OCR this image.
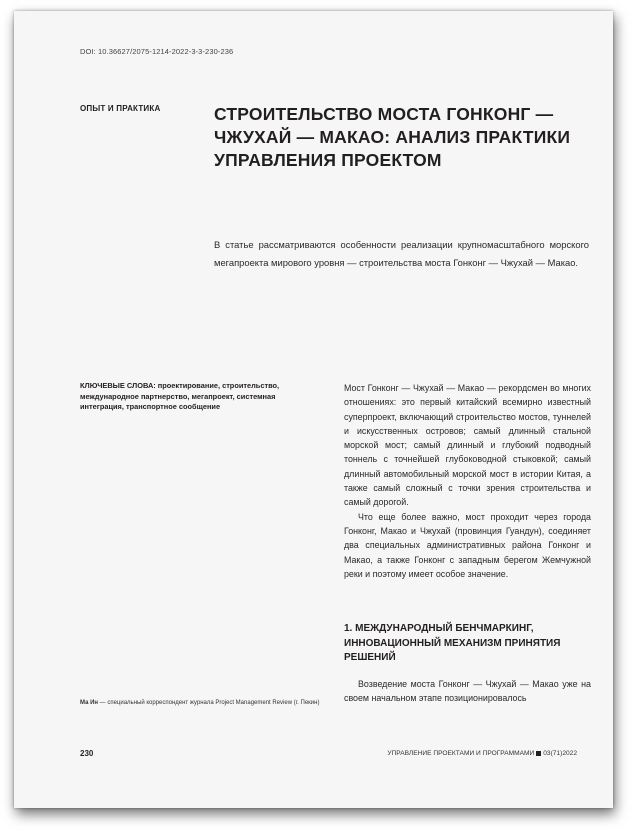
DOI: 10.36627/2075-1214-2022-3-3-230-236
ОПЫТ И ПРАКТИКА	СТРОИТЕЛЬСТВО МОСТА ГОНКОНГ — ЧЖУХАЙ — МАКАО: АНАЛИЗ ПРАКТИКИ УПРАВЛЕНИЯ ПРОЕКТОМ
В статье рассматриваются особенности реализации крупномасштабного морского мегапроекта мирового уровня — строительства моста Гонконг — Чжухай — Макао.
КЛЮЧЕВЫЕ СЛОВА: проектирование, строительство, международное партнерство, мегапроект, системная интеграция, транспортное сообщение

Мост Гонконг — Чжухай — Макао — рекордсмен во многих отношениях: это первый китайский всемирно известный суперпроект, включающий строительство мостов, туннелей и искусственных островов; самый длинный стальной морской мост; самый длинный и глубокий подводный тоннель с точнейшей глубоководной стыковкой; самый длинный автомобильный морской мост в истории Китая, а также самый сложный с точки зрения строительства и самый дорогой.

Что еще более важно, мост проходит через города Гонконг, Макао и Чжухай (провинция Гуандун), соединяет два специальных административных района Гонконг и Макао, а также Гонконг с западным берегом Жемчужной реки и поэтому имеет особое значение.

1. МЕЖДУНАРОДНЫЙ БЕНЧМАРКИНГ, ИННОВАЦИОННЫЙ МЕХАНИЗМ ПРИНЯТИЯ РЕШЕНИЙ
Возведение моста Гонконг — Чжухай — Макао уже на своем начальном этапе позиционировалось
Ма Ин — специальный корреспондент журнала Project Management Review (г. Пекин)
230	УПРАВЛЕНИЕ ПРОЕКТАМИ И ПРОГРАММАМИ 03(71)2022
